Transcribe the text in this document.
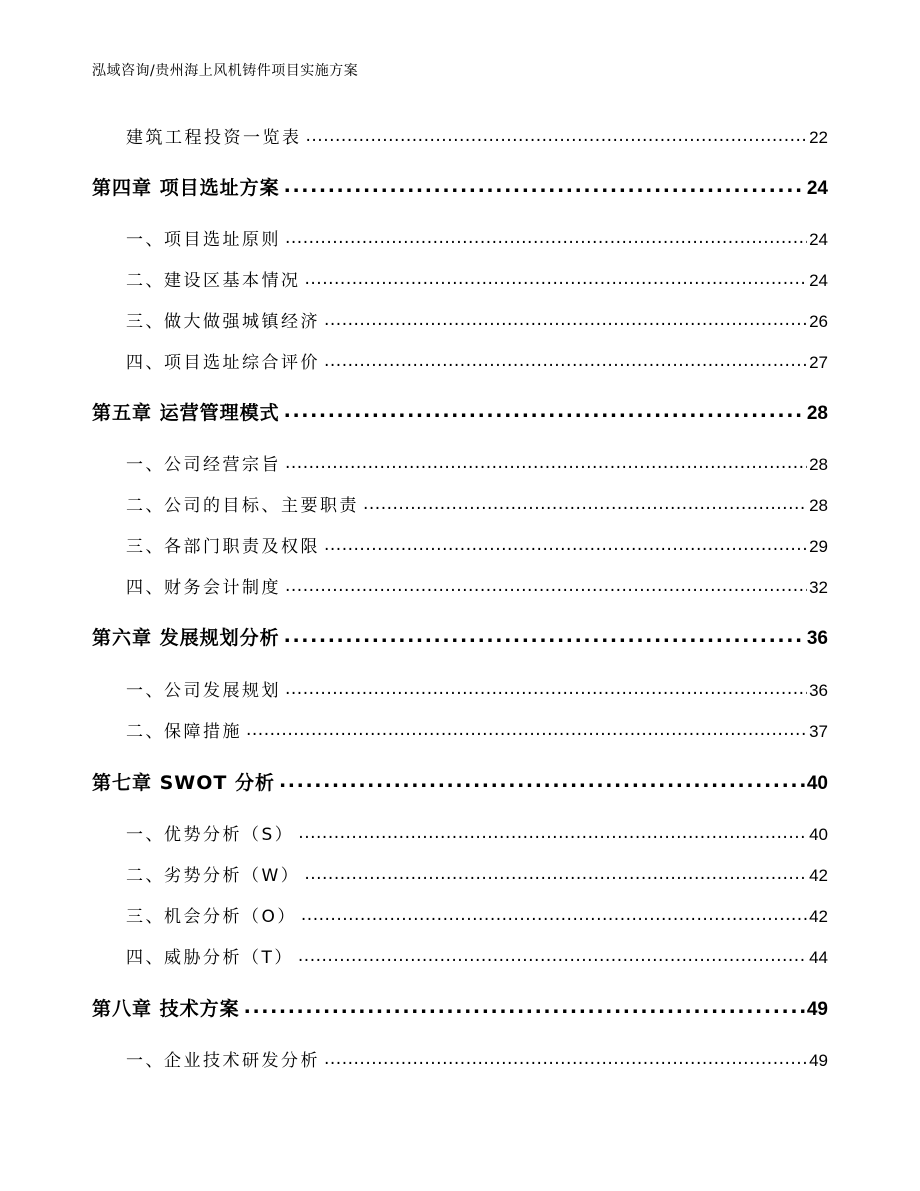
泓域咨询/贵州海上风机铸件项目实施方案
建筑工程投资一览表 .....	22
第四章 项目选址方案 .....	24
一、 项目选址原则 .....	24
二、 建设区基本情况 .....	24
三、 做大做强城镇经济 .....	26
四、 项目选址综合评价 .....	27
第五章 运营管理模式 .....	28
一、 公司经营宗旨 .....	28
二、 公司的目标、主要职责 .....	28
三、 各部门职责及权限 .....	29
四、 财务会计制度 .....	32
第六章 发展规划分析 .....	36
一、 公司发展规划 .....	36
二、 保障措施 .....	37
第七章 SWOT 分析 .....	40
一、 优势分析（S） .....	40
二、 劣势分析（W） .....	42
三、 机会分析（O） .....	42
四、 威胁分析（T） .....	44
第八章 技术方案 .....	49
一、 企业技术研发分析 .....	49
